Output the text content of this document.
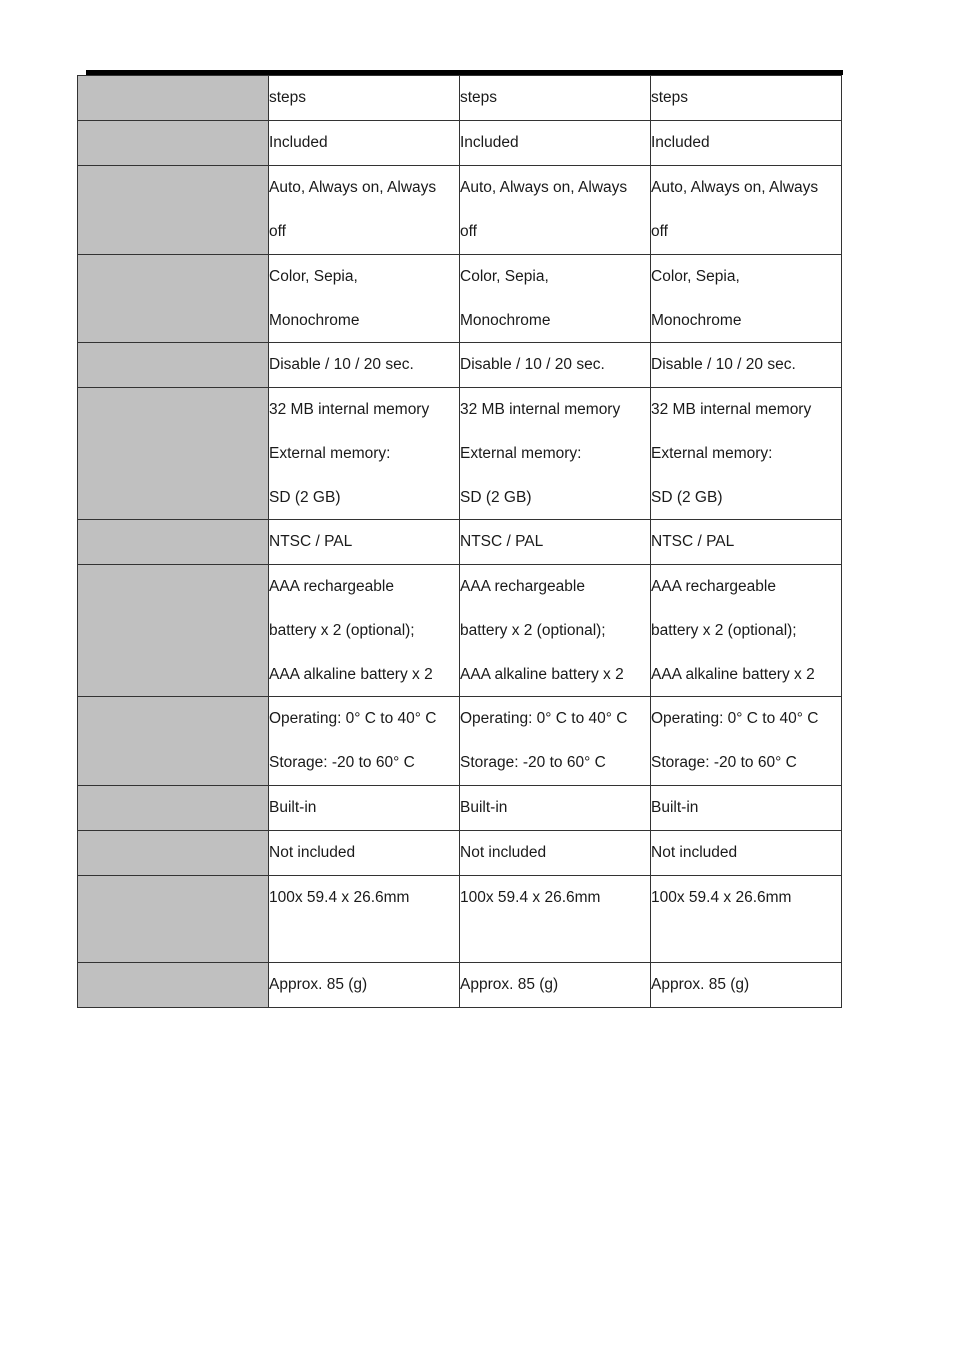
	steps	steps	steps

	Included	Included	Included

	Auto, Always on, Always
off	Auto, Always on, Always
off	Auto, Always on, Always
off

	Color, Sepia,
Monochrome	Color, Sepia,
Monochrome	Color, Sepia,
Monochrome

	Disable / 10 / 20 sec.	Disable / 10 / 20 sec.	Disable / 10 / 20 sec.

	32 MB internal memory
External memory:
SD (2 GB)	32 MB internal memory
External memory:
SD (2 GB)	32 MB internal memory
External memory:
SD (2 GB)

	NTSC / PAL	NTSC / PAL	NTSC / PAL

	AAA rechargeable
battery x 2 (optional);
AAA alkaline battery x 2	AAA rechargeable
battery x 2 (optional);
AAA alkaline battery x 2	AAA rechargeable
battery x 2 (optional);
AAA alkaline battery x 2

	Operating: 0° C to 40° C
Storage: -20 to 60° C	Operating: 0° C to 40° C
Storage: -20 to 60° C	Operating: 0° C to 40° C
Storage: -20 to 60° C

	Built-in	Built-in	Built-in

	Not included	Not included	Not included

	100x 59.4 x 26.6mm	100x 59.4 x 26.6mm	100x 59.4 x 26.6mm

	Approx. 85 (g)	Approx. 85 (g)	Approx. 85 (g)
